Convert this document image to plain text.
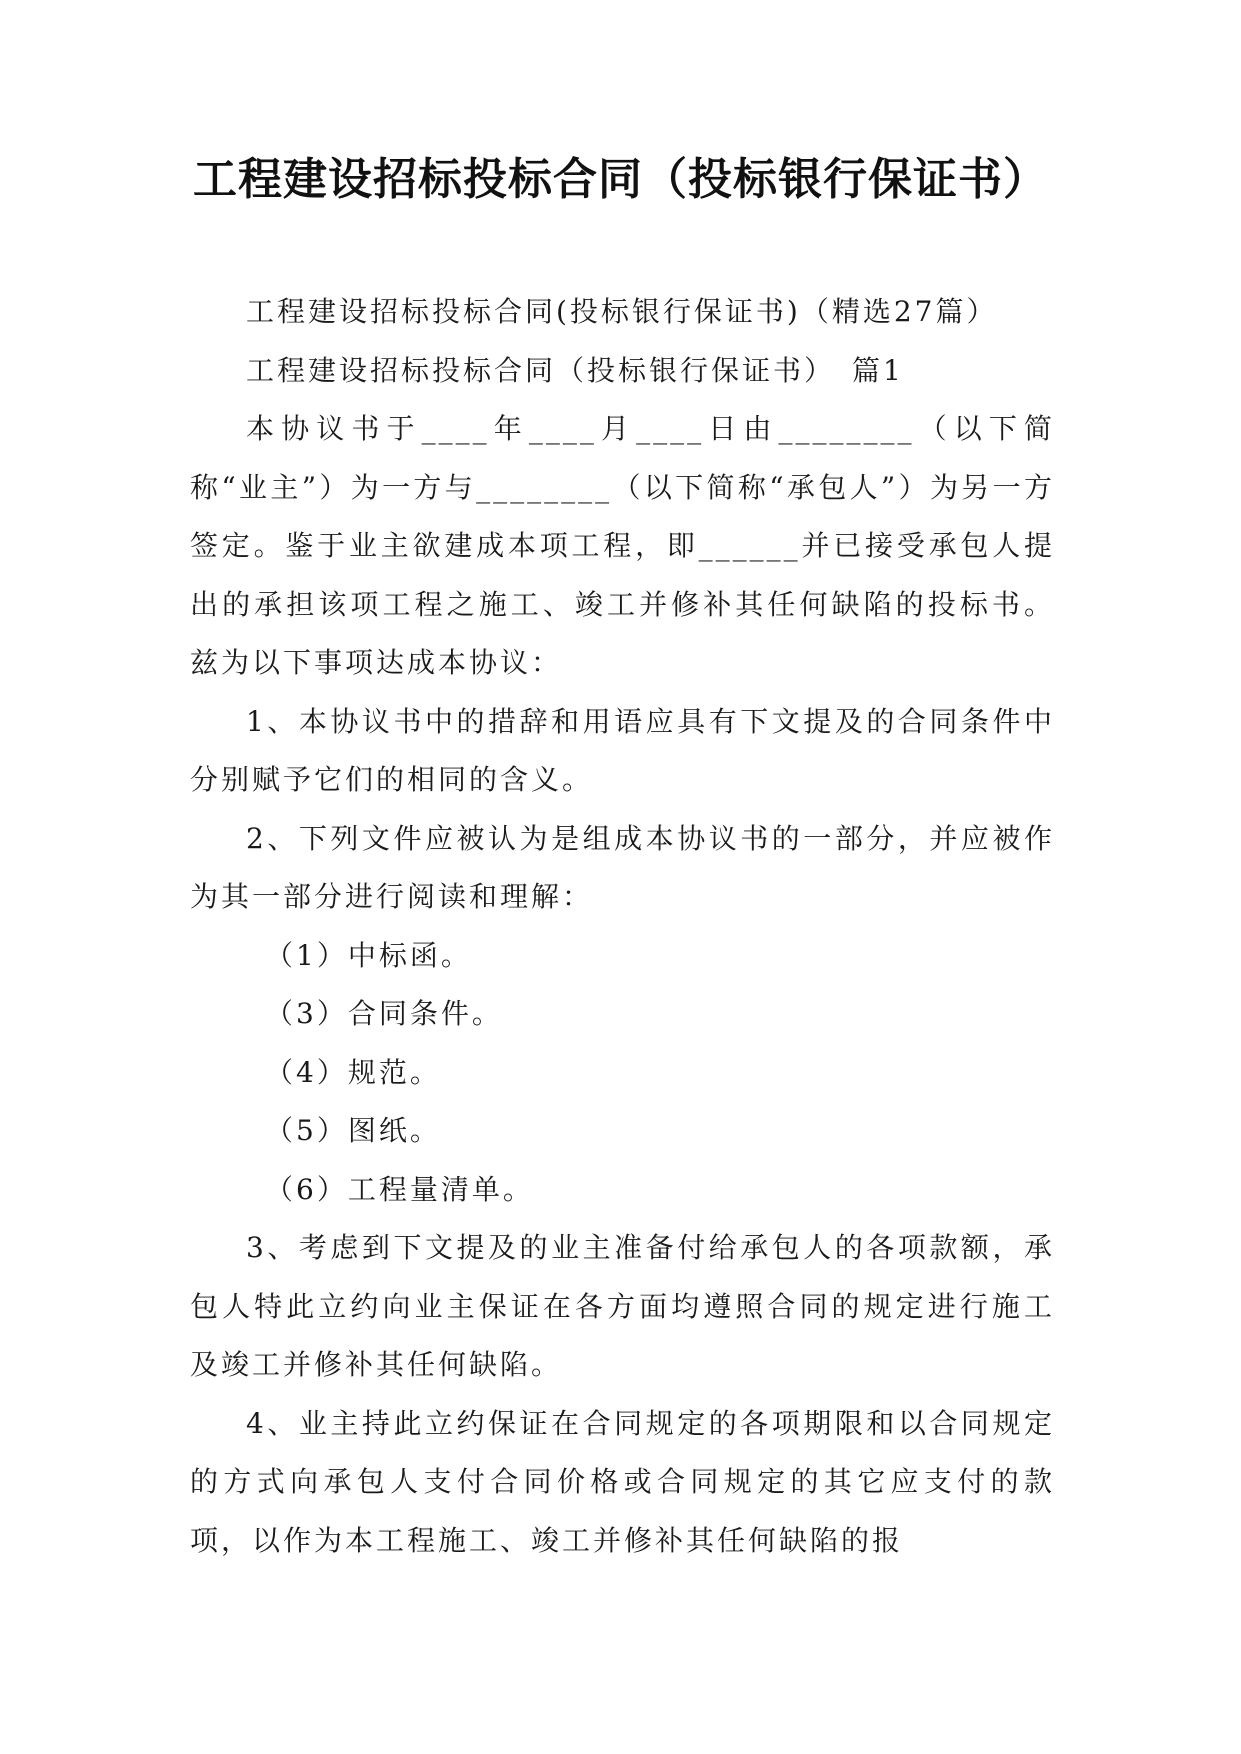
工程建设招标投标合同（投标银行保证书）

工程建设招标投标合同(投标银行保证书)（精选27篇）

工程建设招标投标合同（投标银行保证书）　篇1

本协议书于____年____月____日由________（以下简称“业主”）为一方与________（以下简称“承包人”）为另一方签定。鉴于业主欲建成本项工程，即______并已接受承包人提出的承担该项工程之施工、竣工并修补其任何缺陷的投标书。兹为以下事项达成本协议：

1、本协议书中的措辞和用语应具有下文提及的合同条件中分别赋予它们的相同的含义。

2、下列文件应被认为是组成本协议书的一部分，并应被作为其一部分进行阅读和理解：

（1）中标函。

（3）合同条件。

（4）规范。

（5）图纸。

（6）工程量清单。

3、考虑到下文提及的业主准备付给承包人的各项款额，承包人特此立约向业主保证在各方面均遵照合同的规定进行施工及竣工并修补其任何缺陷。

4、业主持此立约保证在合同规定的各项期限和以合同规定的方式向承包人支付合同价格或合同规定的其它应支付的款项，以作为本工程施工、竣工并修补其任何缺陷的报
